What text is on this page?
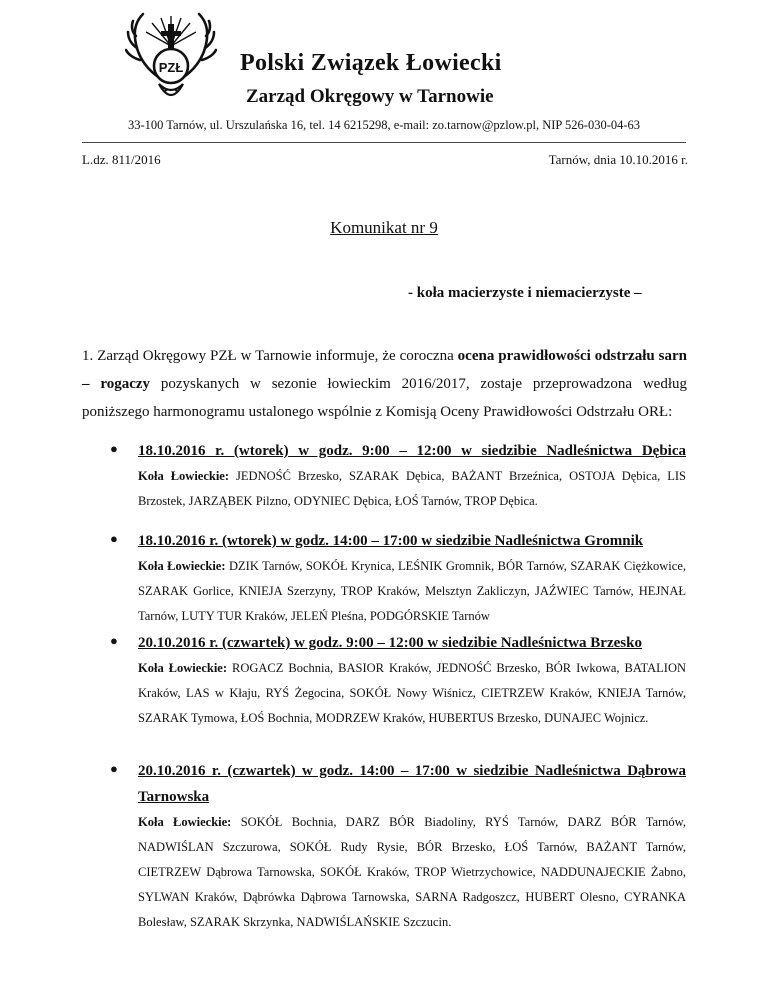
PZŁ Polski Związek Łowiecki
Zarząd Okręgowy w Tarnowie
33-100 Tarnów, ul. Urszulańska 16, tel. 14 6215298, e-mail: zo.tarnow@pzlow.pl, NIP 526-030-04-63
L.dz. 811/2016	Tarnów, dnia 10.10.2016 r.
Komunikat nr 9
- koła macierzyste i niemacierzyste –

1. Zarząd Okręgowy PZŁ w Tarnowie informuje, że coroczna ocena prawidłowości odstrzału sarn – rogaczy pozyskanych w sezonie łowieckim 2016/2017, zostaje przeprowadzona według poniższego harmonogramu ustalonego wspólnie z Komisją Oceny Prawidłowości Odstrzału ORŁ:

● 18.10.2016 r. (wtorek) w godz. 9:00 – 12:00 w siedzibie Nadleśnictwa Dębica

Koła Łowieckie: JEDNOŚĆ Brzesko, SZARAK Dębica, BAŻANT Brzeźnica, OSTOJA Dębica, LIS Brzostek, JARZĄBEK Pilzno, ODYNIEC Dębica, ŁOŚ Tarnów, TROP Dębica.

● 18.10.2016 r. (wtorek) w godz. 14:00 – 17:00 w siedzibie Nadleśnictwa Gromnik

Koła Łowieckie: DZIK Tarnów, SOKÓŁ Krynica, LEŚNIK Gromnik, BÓR Tarnów, SZARAK Ciężkowice, SZARAK Gorlice, KNIEJA Szerzyny, TROP Kraków, Melsztyn Zakliczyn, JAŹWIEC Tarnów, HEJNAŁ Tarnów, LUTY TUR Kraków, JELEŃ Pleśna, PODGÓRSKIE Tarnów

● 20.10.2016 r. (czwartek) w godz. 9:00 – 12:00 w siedzibie Nadleśnictwa Brzesko

Koła Łowieckie: ROGACZ Bochnia, BASIOR Kraków, JEDNOŚĆ Brzesko, BÓR Iwkowa, BATALION Kraków, LAS w Kłaju, RYŚ Żegocina, SOKÓŁ Nowy Wiśnicz, CIETRZEW Kraków, KNIEJA Tarnów, SZARAK Tymowa, ŁOŚ Bochnia, MODRZEW Kraków, HUBERTUS Brzesko, DUNAJEC Wojnicz.

● 20.10.2016 r. (czwartek) w godz. 14:00 – 17:00 w siedzibie Nadleśnictwa Dąbrowa

Tarnowska

Koła Łowieckie: SOKÓŁ Bochnia, DARZ BÓR Biadoliny, RYŚ Tarnów, DARZ BÓR Tarnów, NADWIŚLAN Szczurowa, SOKÓŁ Rudy Rysie, BÓR Brzesko, ŁOŚ Tarnów, BAŻANT Tarnów, CIETRZEW Dąbrowa Tarnowska, SOKÓŁ Kraków, TROP Wietrzychowice, NADDUNAJECKIE Żabno, SYLWAN Kraków, Dąbrówka Dąbrowa Tarnowska, SARNA Radgoszcz, HUBERT Olesno, CYRANKA Bolesław, SZARAK Skrzynka, NADWIŚLAŃSKIE Szczucin.
